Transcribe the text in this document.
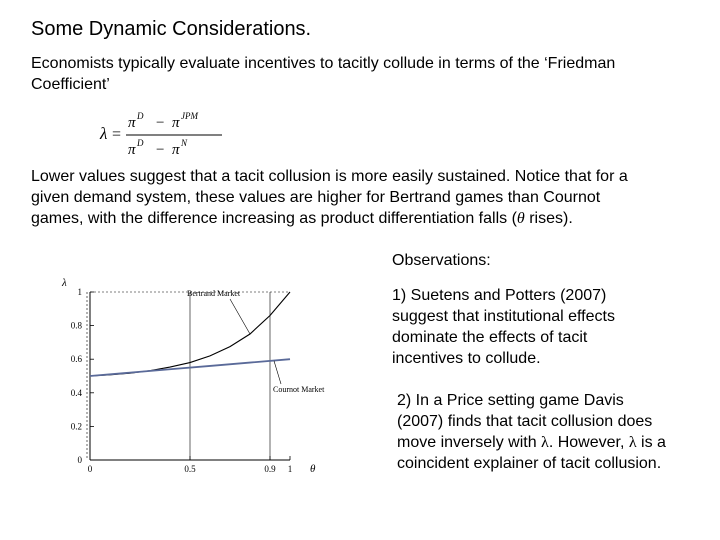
Some Dynamic Considerations.
Economists typically evaluate incentives to tacitly collude in terms of the ‘Friedman Coefficient’
λ =
π D − π JPM
π D − π N
Lower values suggest that a tacit collusion is more easily sustained. Notice that for a given demand system, these values are higher for Bertrand games than Cournot games, with the difference increasing as product differentiation falls (θ rises).
Observations:
1) Suetens and Potters (2007) suggest that institutional effects dominate the effects of tacit incentives to collude.
2) In a Price setting game Davis (2007) finds that tacit collusion does move inversely with λ. However, λ is a coincident explainer of tacit collusion.
0
0.2
0.4
0.6
0.8
1
0	0.5	0.9 1
λ
θ
Bertrand Market
Cournot Market
